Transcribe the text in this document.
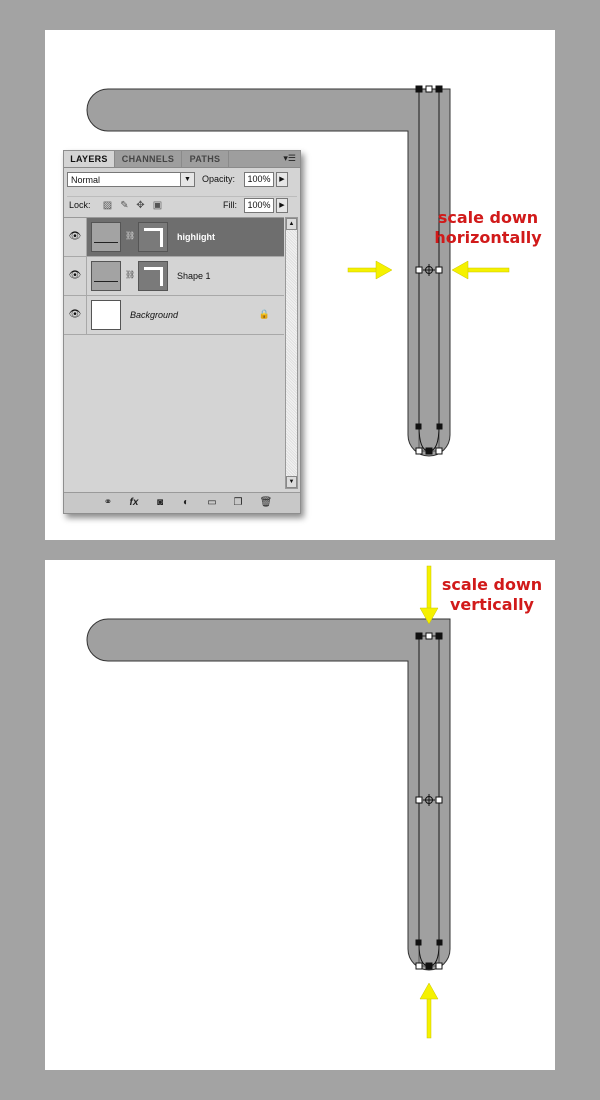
scale down
horizontally
LAYERS	CHANNELS	PATHS	▾☰
Normal	▼	Opacity:	100%	▶
Lock: ▨ ✎ ✥ ▣	Fill:	100%	▶
👁	⛓	highlight
👁	⛓	Shape 1
👁	Background	🔒
▲
▼
⚭	fx	◙	◐	▭	❐	🗑
scale down
vertically
